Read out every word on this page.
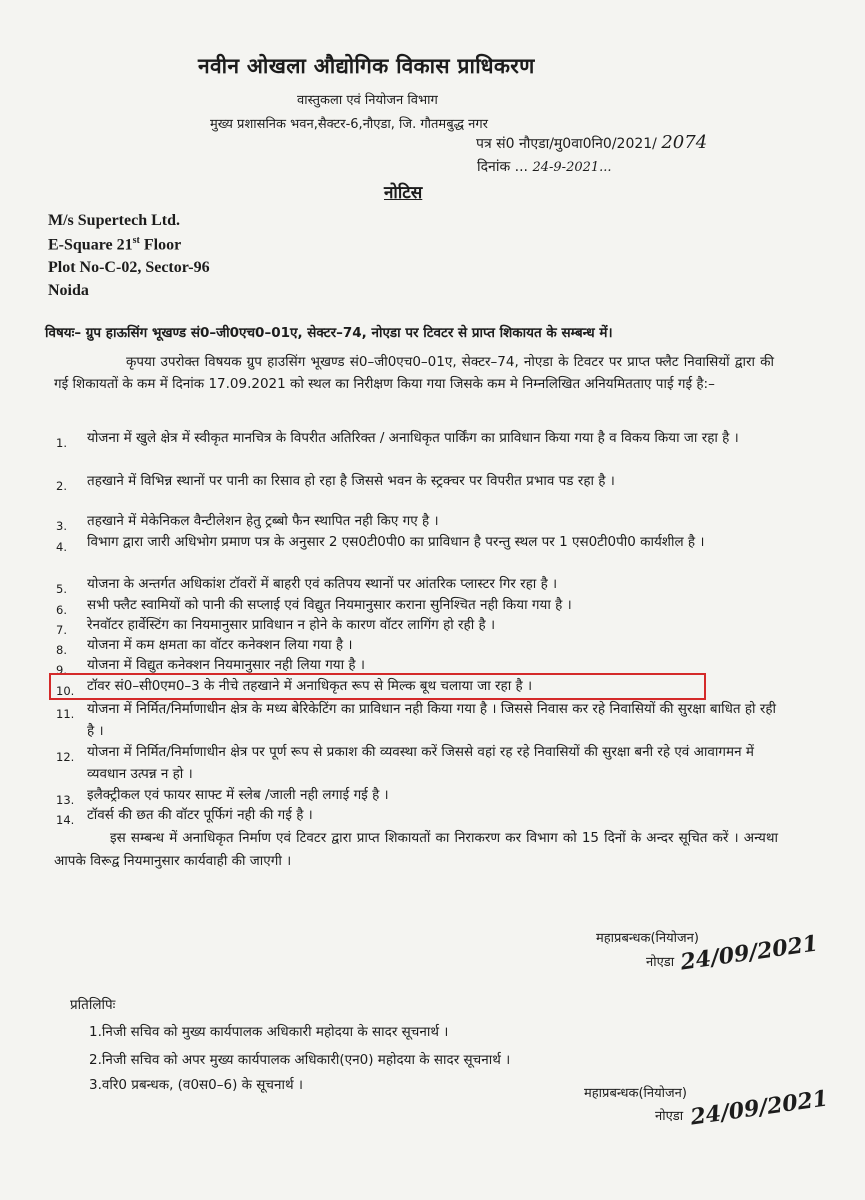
नवीन ओखला औद्योगिक विकास प्राधिकरण
वास्तुकला एवं नियोजन विभाग
मुख्य प्रशासनिक भवन,सैक्टर-6,नौएडा, जि. गौतमबुद्ध नगर
पत्र सं0 नौएडा/मु0वा0नि0/2021/ 2074
दिनांक ... 24-9-2021...
नोटिस
M/s Supertech Ltd.
E-Square 21st Floor
Plot No-C-02, Sector-96
Noida
विषयः– ग्रुप हाऊसिंग भूखण्ड सं0–जी0एच0–01ए, सेक्टर–74, नोएडा पर टिवटर से प्राप्त शिकायत के सम्बन्ध में।
कृपया उपरोक्त विषयक ग्रुप हाउसिंग भूखण्ड सं0–जी0एच0–01ए, सेक्टर–74, नोएडा के टिवटर पर प्राप्त फ्लैट निवासियों द्वारा की गई शिकायतों के कम में दिनांक 17.09.2021 को स्थल का निरीक्षण किया गया जिसके कम मे निम्नलिखित अनियमितताए पाई गई है:–
1. योजना में खुले क्षेत्र में स्वीकृत मानचित्र के विपरीत अतिरिक्त / अनाधिकृत पार्किंग का प्राविधान किया गया है व विकय किया जा रहा है ।
2. तहखाने में विभिन्न स्थानों पर पानी का रिसाव हो रहा है जिससे भवन के स्ट्रक्चर पर विपरीत प्रभाव पड रहा है ।
3. तहखाने में मेकेनिकल वैन्टीलेशन हेतु ट्रब्बो फैन स्थापित नही किए गए है ।
4. विभाग द्वारा जारी अधिभोग प्रमाण पत्र के अनुसार 2 एस0टी0पी0 का प्राविधान है परन्तु स्थल पर 1 एस0टी0पी0 कार्यशील है ।
5. योजना के अन्तर्गत अधिकांश टॉवरों में बाहरी एवं कतिपय स्थानों पर आंतरिक प्लास्टर गिर रहा है ।
6. सभी फ्लैट स्वामियों को पानी की सप्लाई एवं विद्युत नियमानुसार कराना सुनिश्चित नही किया गया है ।
7. रेनवॉटर हार्वेस्टिंग का नियमानुसार प्राविधान न होने के कारण वॉटर लागिंग हो रही है ।
8. योजना में कम क्षमता का वॉटर कनेक्शन लिया गया है ।
9. योजना में विद्युत कनेक्शन नियमानुसार नही लिया गया है ।
10. टॉवर सं0–सी0एम0–3 के नीचे तहखाने में अनाधिकृत रूप से मिल्क बूथ चलाया जा रहा है ।
11. योजना में निर्मित/निर्माणाधीन क्षेत्र के मध्य बेरिकेटिंग का प्राविधान नही किया गया है । जिससे निवास कर रहे निवासियों की सुरक्षा बाधित हो रही है ।
12. योजना में निर्मित/निर्माणाधीन क्षेत्र पर पूर्ण रूप से प्रकाश की व्यवस्था करें जिससे वहां रह रहे निवासियों की सुरक्षा बनी रहे एवं आवागमन में व्यवधान उत्पन्न न हो ।
13. इलैक्ट्रीकल एवं फायर साफ्ट में स्लेब /जाली नही लगाई गई है ।
14. टॉवर्स की छत की वॉटर पूर्फिगं नही की गई है ।
इस सम्बन्ध में अनाधिकृत निर्माण एवं टिवटर द्वारा प्राप्त शिकायतों का निराकरण कर विभाग को 15 दिनों के अन्दर सूचित करें । अन्यथा आपके विरूद्व नियमानुसार कार्यवाही की जाएगी ।
महाप्रबन्धक(नियोजन)
नोएडा 24/09/2021
प्रतिलिपिः
1.निजी सचिव को मुख्य कार्यपालक अधिकारी महोदया के सादर सूचनार्थ ।
2.निजी सचिव को अपर मुख्य कार्यपालक अधिकारी(एन0) महोदया के सादर सूचनार्थ ।
3.वरि0 प्रबन्धक, (व0स0–6) के सूचनार्थ ।
महाप्रबन्धक(नियोजन)
नोएडा 24/09/2021
